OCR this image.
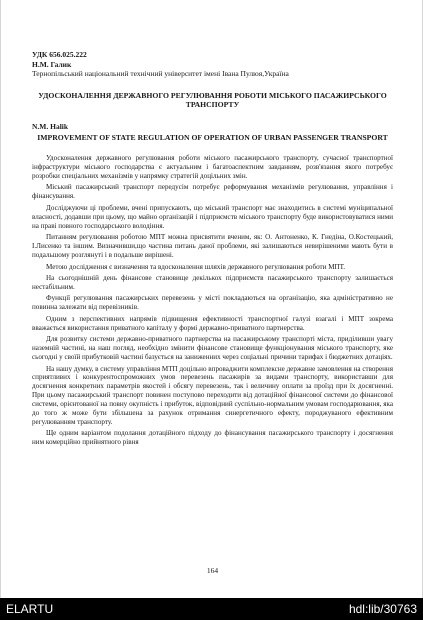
УДК 656.025.222

Н.М. Галик

Тернопільський національний технічний університет імені Івана Пулюя,Україна

УДОСКОНАЛЕННЯ ДЕРЖАВНОГО РЕГУЛЮВАННЯ РОБОТИ МІСЬКОГО ПАСАЖИРСЬКОГО ТРАНСПОРТУ

N.M. Halik

IMPROVEMENT OF STATE REGULATION OF OPERATION OF URBAN PASSENGER TRANSPORT

Удосконалення державного регулювання роботи міського пасажирського транспорту, сучасної транспортної інфраструктури міського господарства є актуальним і багатоаспектним завданням, розв'язання якого потребує розробки спеціальних механізмів у напрямку стратегій доцільних змін.

Міський пасажирський транспорт передусім потребує реформування механізмів регулювання, управління і фінансування.

Досліджуючи ці проблеми, вчені припускають, що міський транспорт має знаходитись в системі муніципальної власності, додавши при цьому, що майно організацій і підприємств міського транспорту буде використовуватися ними на праві повного господарського володіння.

Питанням регулювання роботою МПТ можна присвятити вченим, як: О. Антоненко, К. Гнедіна, О.Костецький, І.Лисенко та іншим. Визначивши,що частина питань даної проблеми, які залишаються невирішеними мають бути в подальшому розглянуті і в подальше вирішені.

Метою дослідження є визначення та вдосконалення шляхів державного регулювання роботи МПТ.

На сьогоднішній день фінансове становище декількох підприємств пасажирського транспорту залишається нестабільним.

Функції регулювання пасажирських перевезень у місті покладаються на організацію, яка адміністративно не повинна залежати від перевізників.

Одним з перспективних напрямів підвищення ефективності транспортної галузі взагалі і МПТ зокрема вважається використання приватного капіталу у формі державно-приватного партнерства.

Для розвитку системи державно-приватного партнерства на пасажирському транспорті міста, приділивши увагу наземній частині, на наш погляд, необхідно змінити фінансове становище функціонування міського транспорту, яке сьогодні у своїй прибутковій частині базується на заниженних через соціальні причини тарифах і бюджетних дотаціях.

На нашу думку, в систему управління МТП доцільно впроваджити комплексне державне замовлення на створення сприятливих і конкурентоспроможних умов перевезень пасажирів за видами транспорту, використавши для досягнення конкретних параметрів якостей і обсягу перевезень, так і величину оплати за проїзд при їх досягненні. При цьому пасажирський транспорт повинен поступово переходити від дотаційної фінансової системи до фінансової системи, орієнтованої на повну окупність і прибуток, відповідний суспільно-нормальним умовам господарювання, яка до того ж може бути збільшена за рахунок отримання синергетичного ефекту, породжуваного ефективним регулюванням транспорту.

Ще одним варіантом подолання дотаційного підходу до фінансування пасажирського транспорту і досягнення ним комерційно прийнятного рівня

164
ELARTU	hdl:lib/30763
